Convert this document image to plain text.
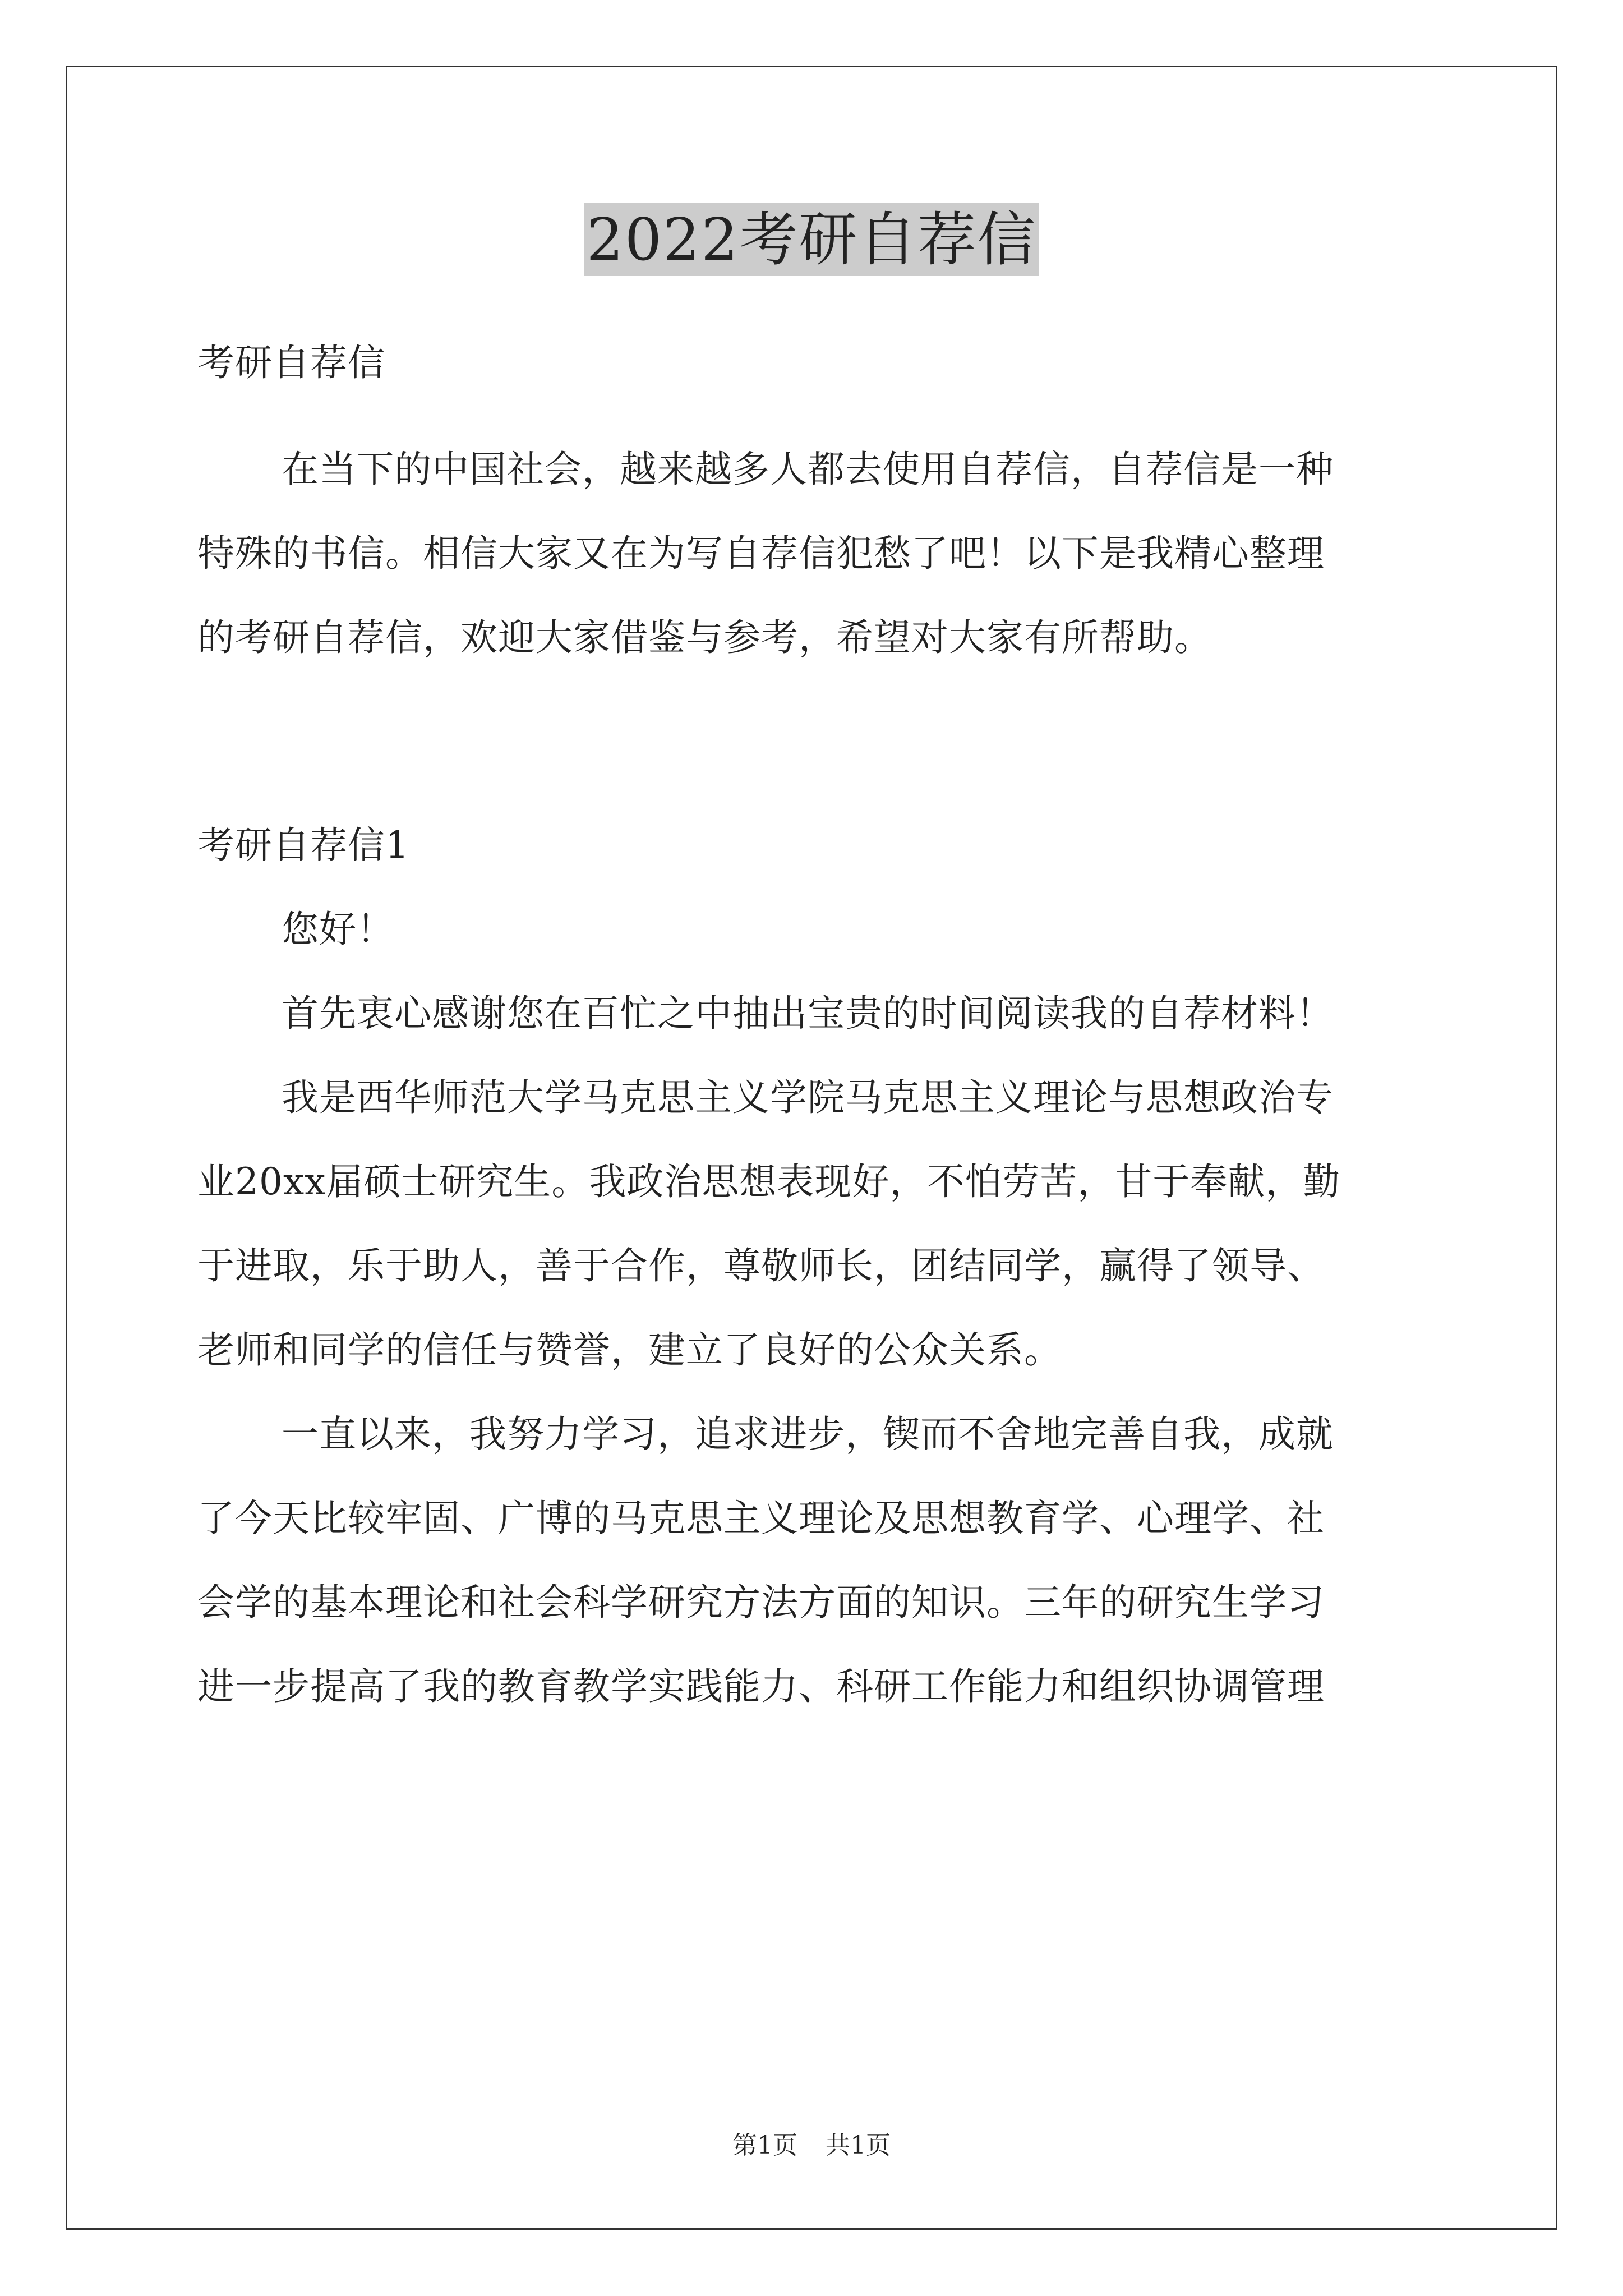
2022考研自荐信
考研自荐信
在当下的中国社会，越来越多人都去使用自荐信，自荐信是一种
特殊的书信。相信大家又在为写自荐信犯愁了吧！以下是我精心整理
的考研自荐信，欢迎大家借鉴与参考，希望对大家有所帮助。
考研自荐信1
您好！
首先衷心感谢您在百忙之中抽出宝贵的时间阅读我的自荐材料！
我是西华师范大学马克思主义学院马克思主义理论与思想政治专
业20xx届硕士研究生。我政治思想表现好，不怕劳苦，甘于奉献，勤
于进取，乐于助人，善于合作，尊敬师长，团结同学，赢得了领导、
老师和同学的信任与赞誉，建立了良好的公众关系。
一直以来，我努力学习，追求进步，锲而不舍地完善自我，成就
了今天比较牢固、广博的马克思主义理论及思想教育学、心理学、社
会学的基本理论和社会科学研究方法方面的知识。三年的研究生学习
进一步提高了我的教育教学实践能力、科研工作能力和组织协调管理
第1页 共1页
